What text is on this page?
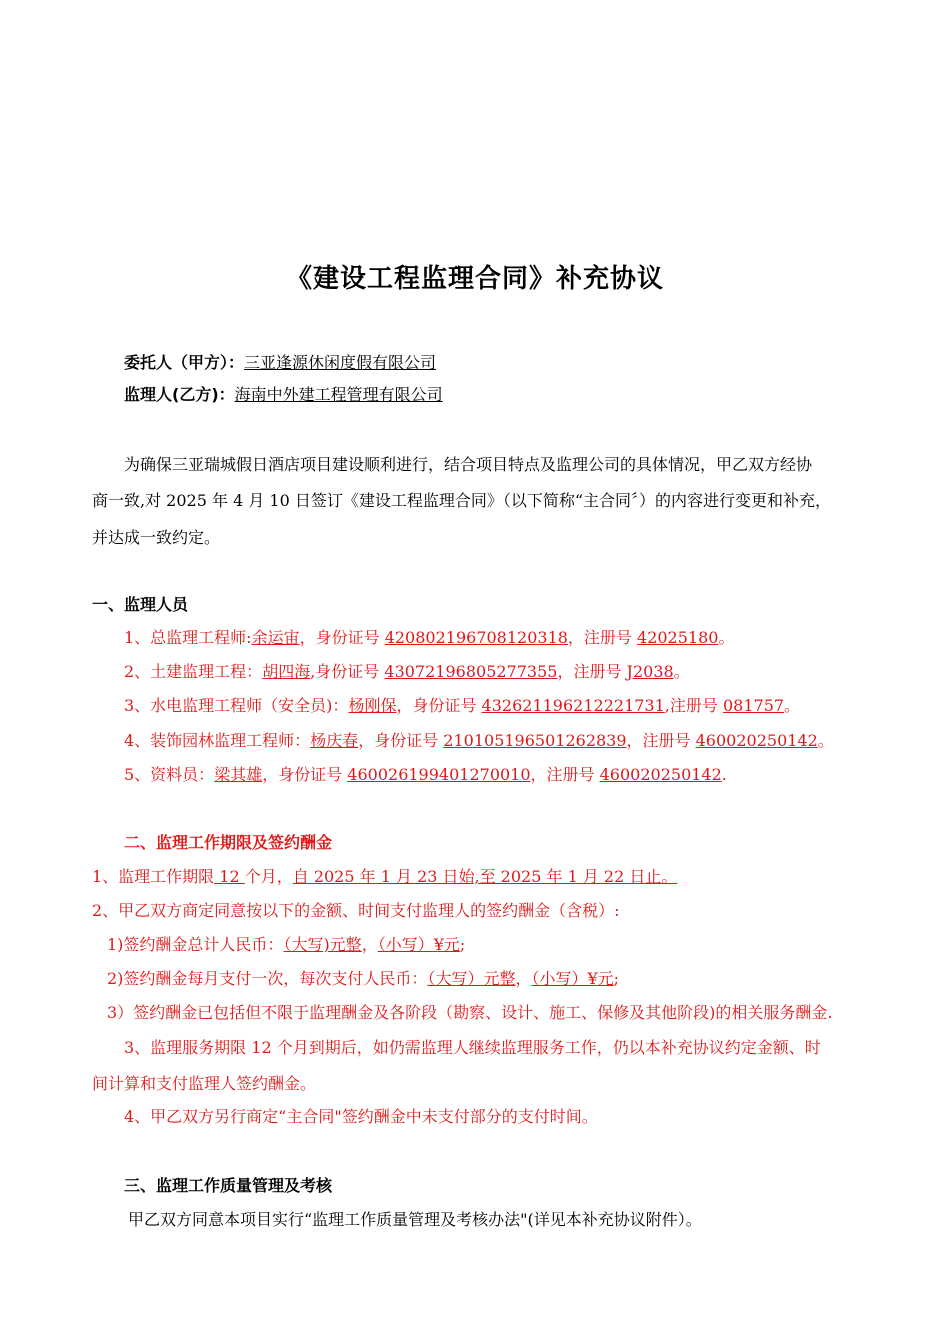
《建设工程监理合同》补充协议
委托人（甲方）：三亚逢源休闲度假有限公司
监理人(乙方)：海南中外建工程管理有限公司
为确保三亚瑞城假日酒店项目建设顺利进行，结合项目特点及监理公司的具体情况，甲乙双方经协
商一致,对 2025 年 4 月 10 日签订《建设工程监理合同》（以下简称“主合同〞）的内容进行变更和补充，
并达成一致约定。
一、监理人员
1、总监理工程师:余运宙，身份证号 420802196708120318，注册号 42025180。
2、土建监理工程：胡四海,身份证号 43072196805277355，注册号 J2038。
3、水电监理工程师（安全员)：杨刚保，身份证号 432621196212221731,注册号 081757。
4、装饰园林监理工程师：杨庆春，身份证号 210105196501262839，注册号 460020250142。
5、资料员：梁其雄，身份证号 460026199401270010，注册号 460020250142.
二、监理工作期限及签约酬金
1、监理工作期限 12 个月，自 2025 年 1 月 23 日始,至 2025 年 1 月 22 日止。
2、甲乙双方商定同意按以下的金额、时间支付监理人的签约酬金（含税）:
1)签约酬金总计人民币：（大写)元整，（小写）¥元;
2)签约酬金每月支付一次，每次支付人民币：（大写）元整，（小写）¥元;
3）签约酬金已包括但不限于监理酬金及各阶段（勘察、设计、施工、保修及其他阶段)的相关服务酬金.
3、监理服务期限 12 个月到期后，如仍需监理人继续监理服务工作，仍以本补充协议约定金额、时
间计算和支付监理人签约酬金。
4、甲乙双方另行商定“主合同"签约酬金中未支付部分的支付时间。
三、监理工作质量管理及考核
甲乙双方同意本项目实行“监理工作质量管理及考核办法"(详见本补充协议附件）。
